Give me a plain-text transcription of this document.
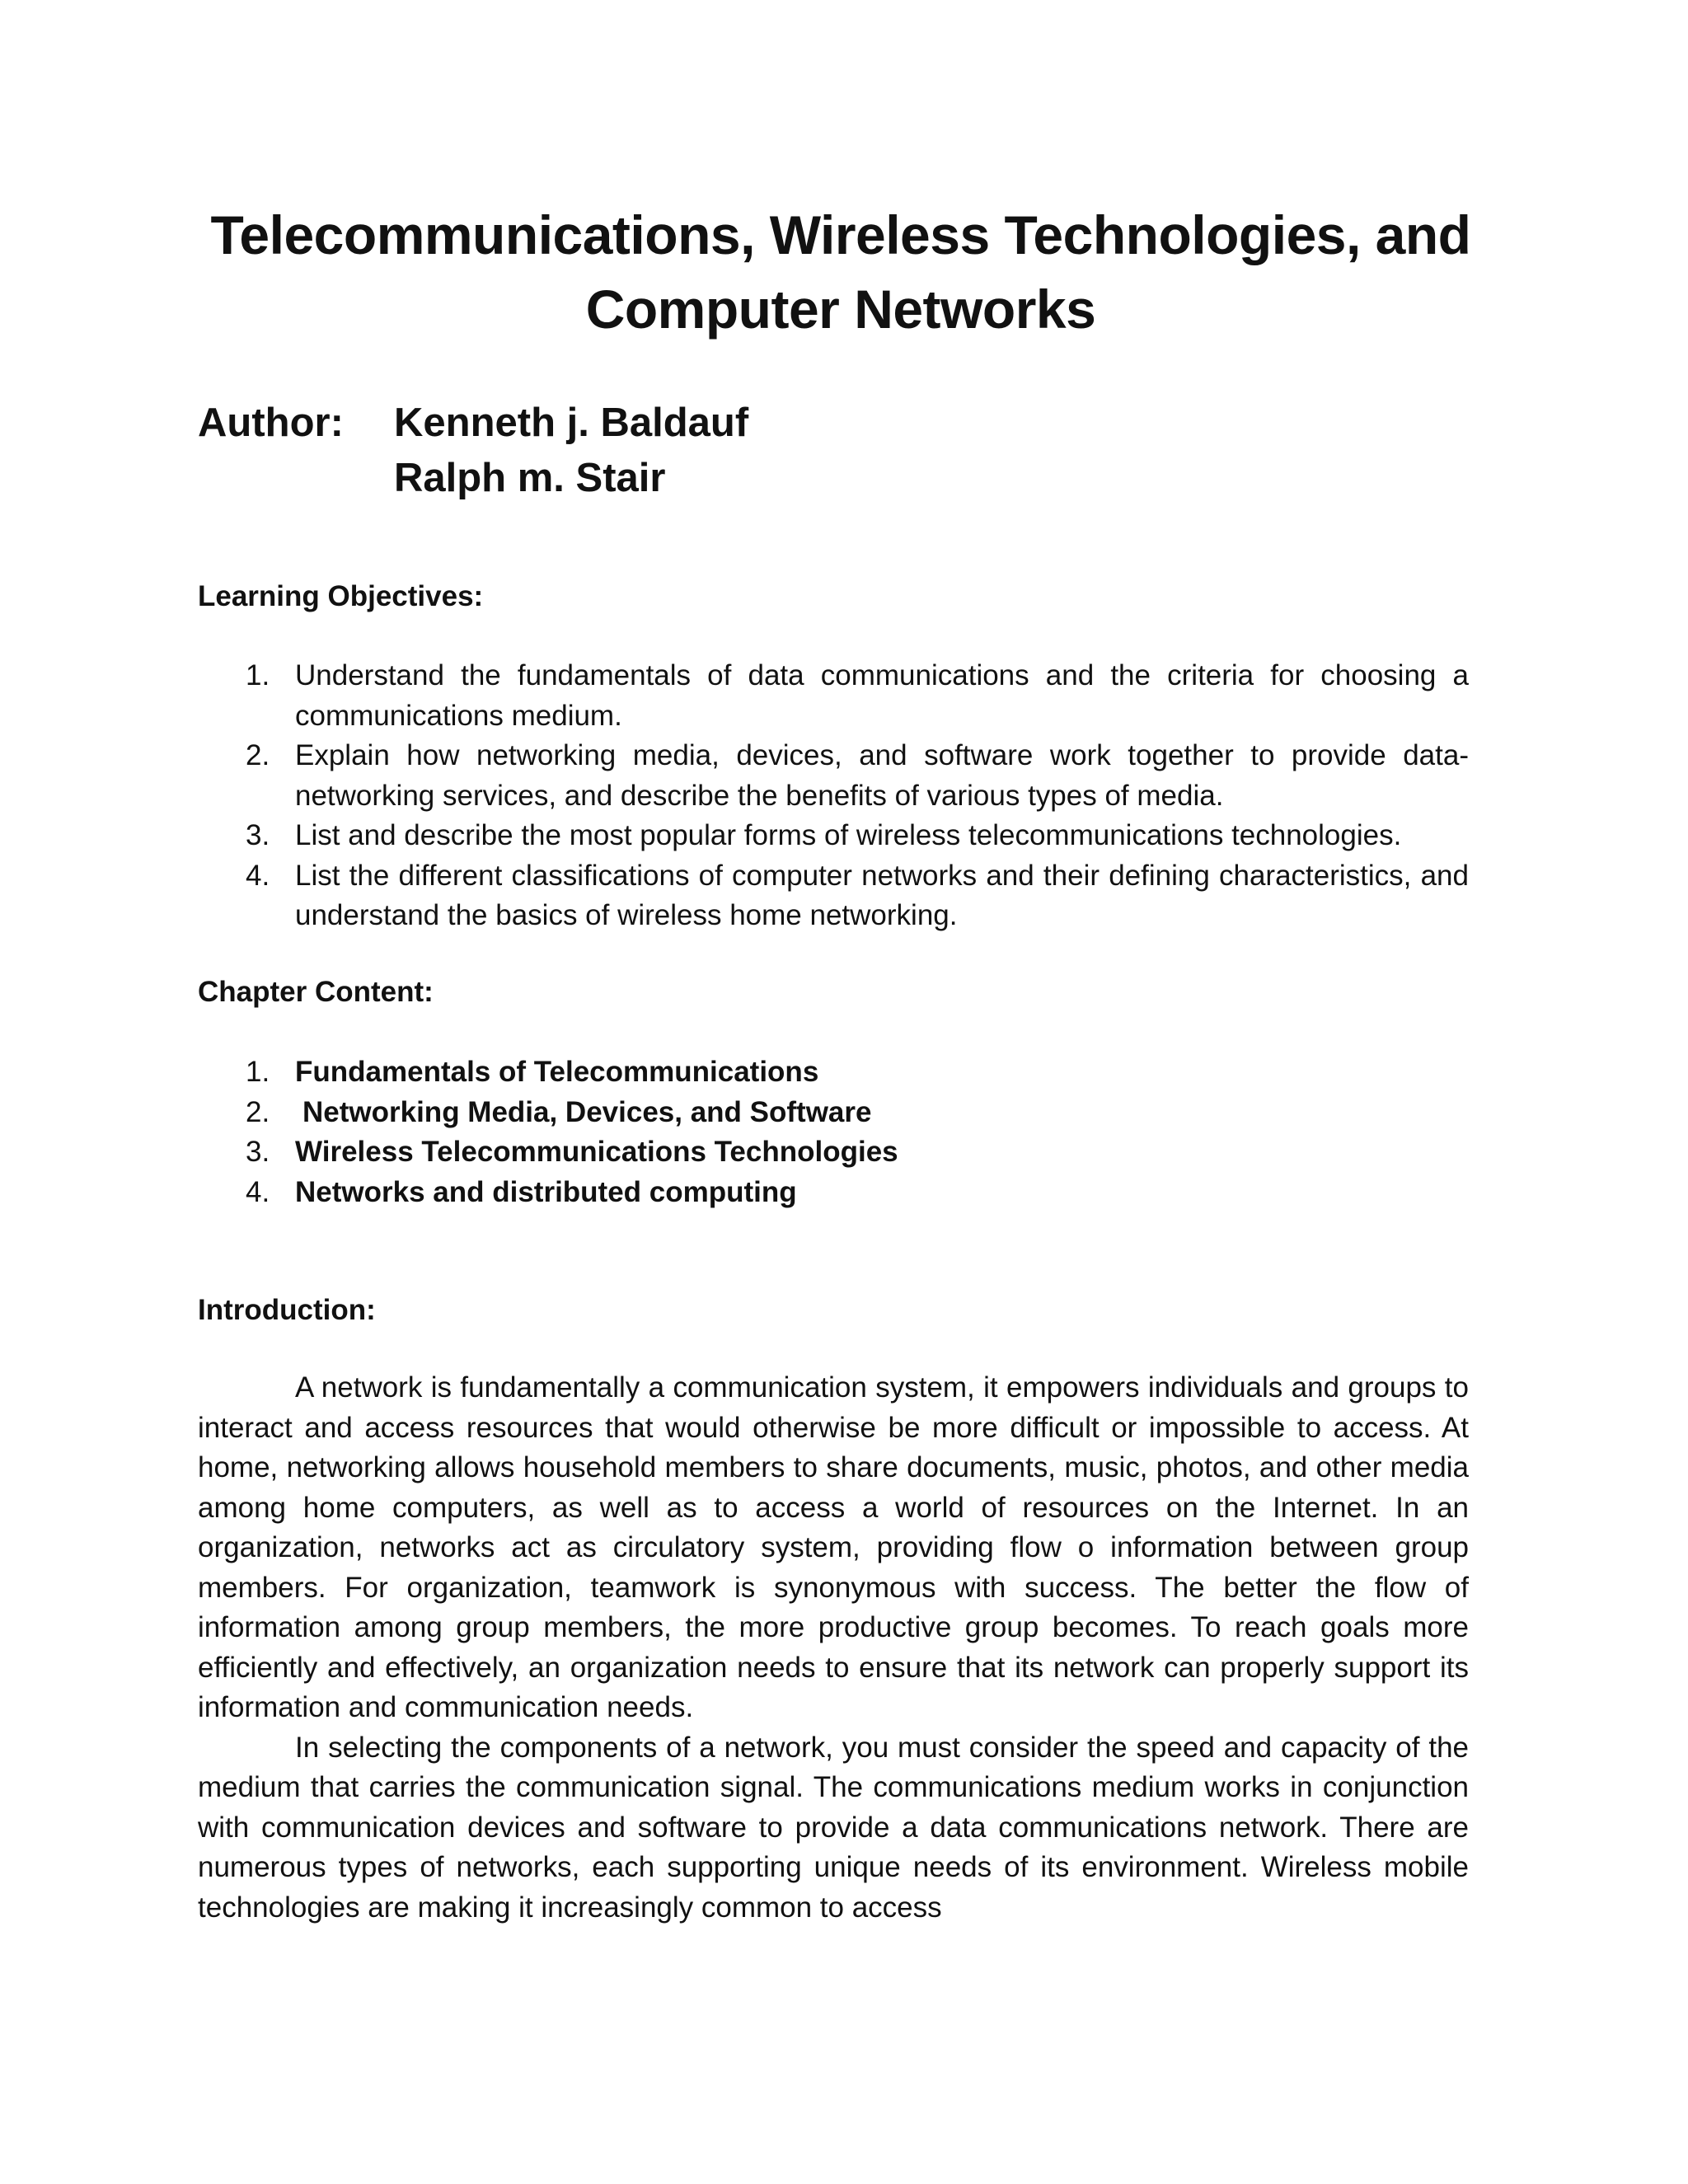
Telecommunications, Wireless Technologies, and
Computer Networks
Author: Kenneth j. Baldauf
Ralph m. Stair
Learning Objectives:
1. Understand the fundamentals of data communications and the criteria for choosing a communications medium.
2. Explain how networking media, devices, and software work together to provide data-networking services, and describe the benefits of various types of media.
3. List and describe the most popular forms of wireless telecommunications technologies.
4. List the different classifications of computer networks and their defining characteristics, and understand the basics of wireless home networking.
Chapter Content:
1. Fundamentals of Telecommunications
2. Networking Media, Devices, and Software
3. Wireless Telecommunications Technologies
4. Networks and distributed computing
Introduction:

A network is fundamentally a communication system, it empowers individuals and groups to interact and access resources that would otherwise be more difficult or impossible to access. At home, networking allows household members to share documents, music, photos, and other media among home computers, as well as to access a world of resources on the Internet. In an organization, networks act as circulatory system, providing flow o information between group members. For organization, teamwork is synonymous with success. The better the flow of information among group members, the more productive group becomes. To reach goals more efficiently and effectively, an organization needs to ensure that its network can properly support its information and communication needs.

In selecting the components of a network, you must consider the speed and capacity of the medium that carries the communication signal. The communications medium works in conjunction with communication devices and software to provide a data communications network. There are numerous types of networks, each supporting unique needs of its environment. Wireless mobile technologies are making it increasingly common to access
